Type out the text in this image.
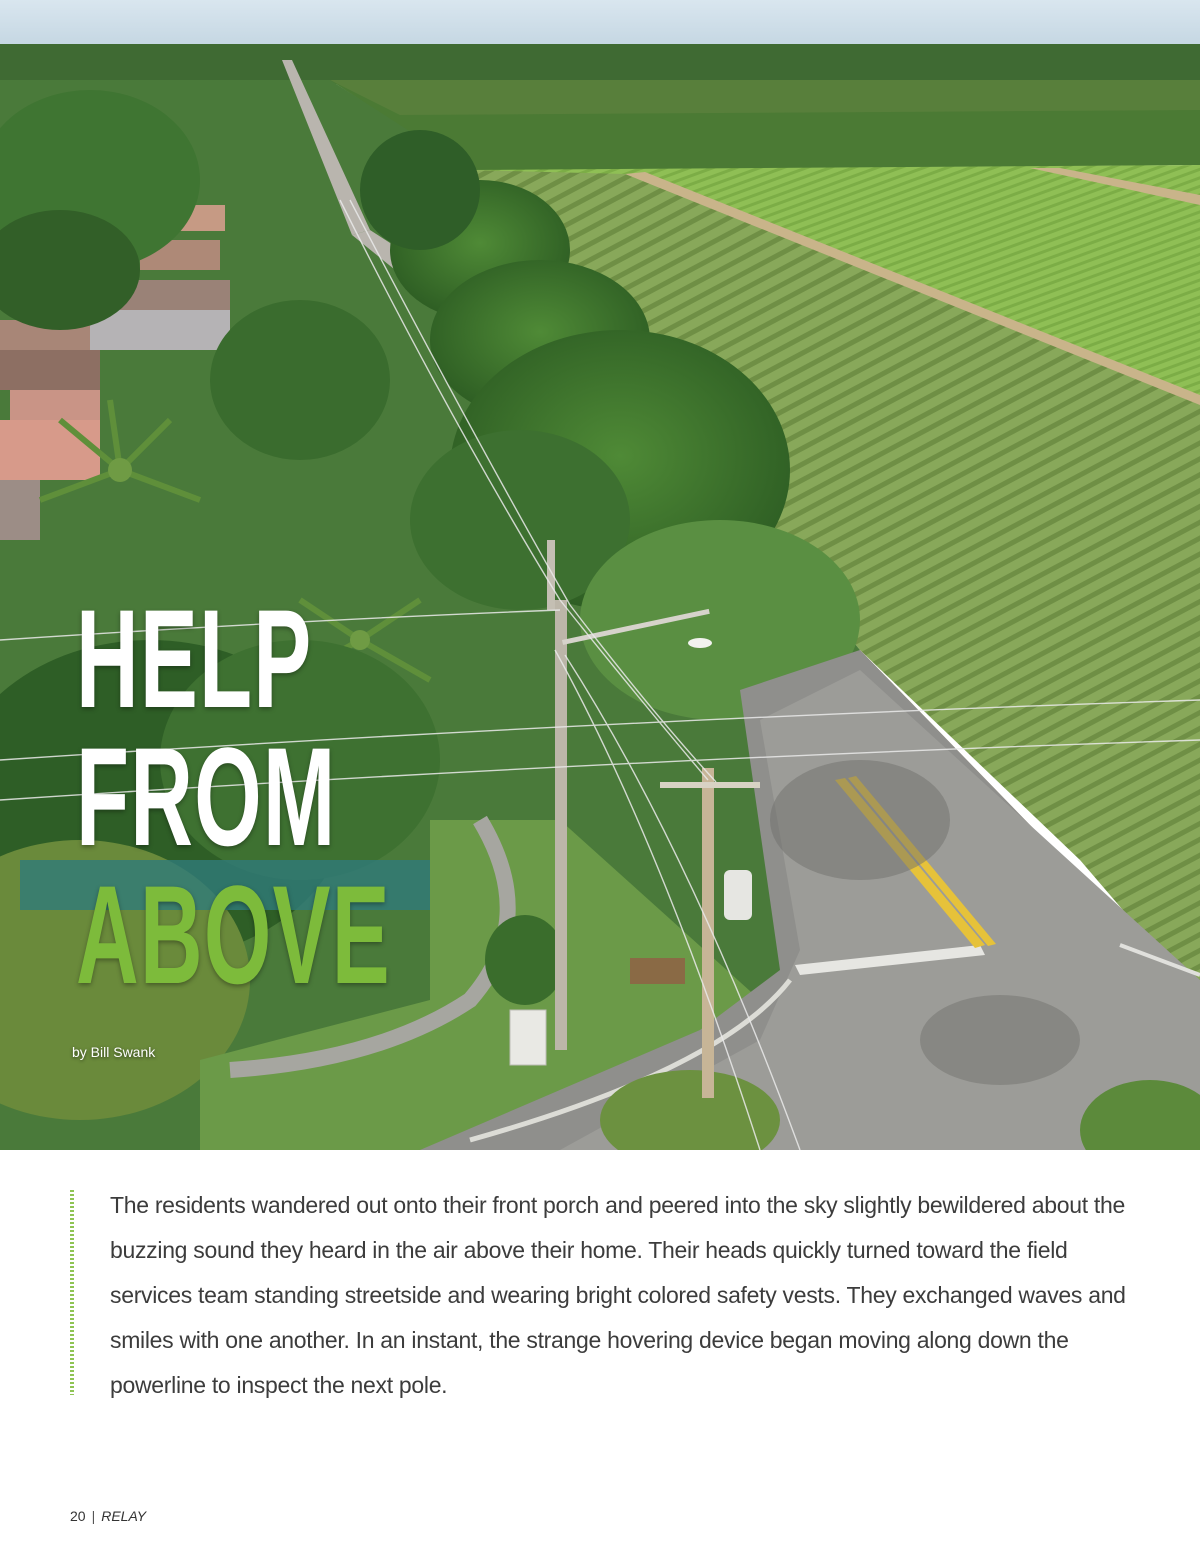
HELP
FROM
ABOVE
by Bill Swank

The residents wandered out onto their front porch and peered into the sky slightly bewildered about the buzzing sound they heard in the air above their home. Their heads quickly turned toward the field services team standing streetside and wearing bright colored safety vests. They exchanged waves and smiles with one another. In an instant, the strange hovering device began moving along down the powerline to inspect the next pole.

20 | RELAY
